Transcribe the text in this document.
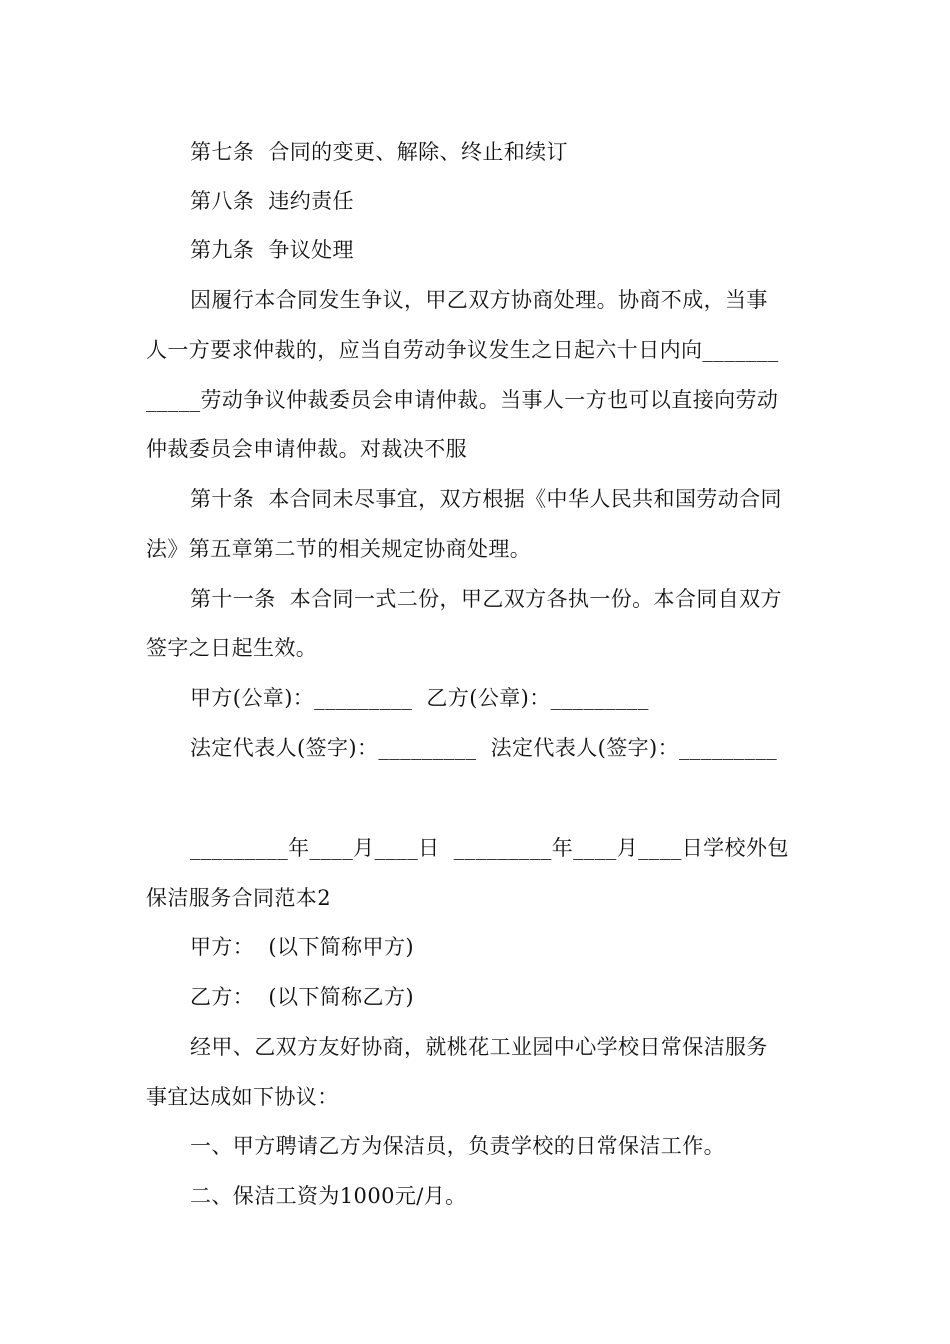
第七条  合同的变更、解除、终止和续订
第八条  违约责任
第九条  争议处理
因履行本合同发生争议，甲乙双方协商处理。协商不成，当事
人一方要求仲裁的，应当自劳动争议发生之日起六十日内向_______
_____劳动争议仲裁委员会申请仲裁。当事人一方也可以直接向劳动
仲裁委员会申请仲裁。对裁决不服
第十条  本合同未尽事宜，双方根据《中华人民共和国劳动合同
法》第五章第二节的相关规定协商处理。
第十一条  本合同一式二份，甲乙双方各执一份。本合同自双方
签字之日起生效。
甲方(公章)：_________  乙方(公章)：_________
法定代表人(签字)：_________  法定代表人(签字)：_________
_________年____月____日  _________年____月____日学校外包
保洁服务合同范本2
甲方：  (以下简称甲方)
乙方：  (以下简称乙方)
经甲、乙双方友好协商，就桃花工业园中心学校日常保洁服务
事宜达成如下协议：
一、甲方聘请乙方为保洁员，负责学校的日常保洁工作。
二、保洁工资为1000元/月。
